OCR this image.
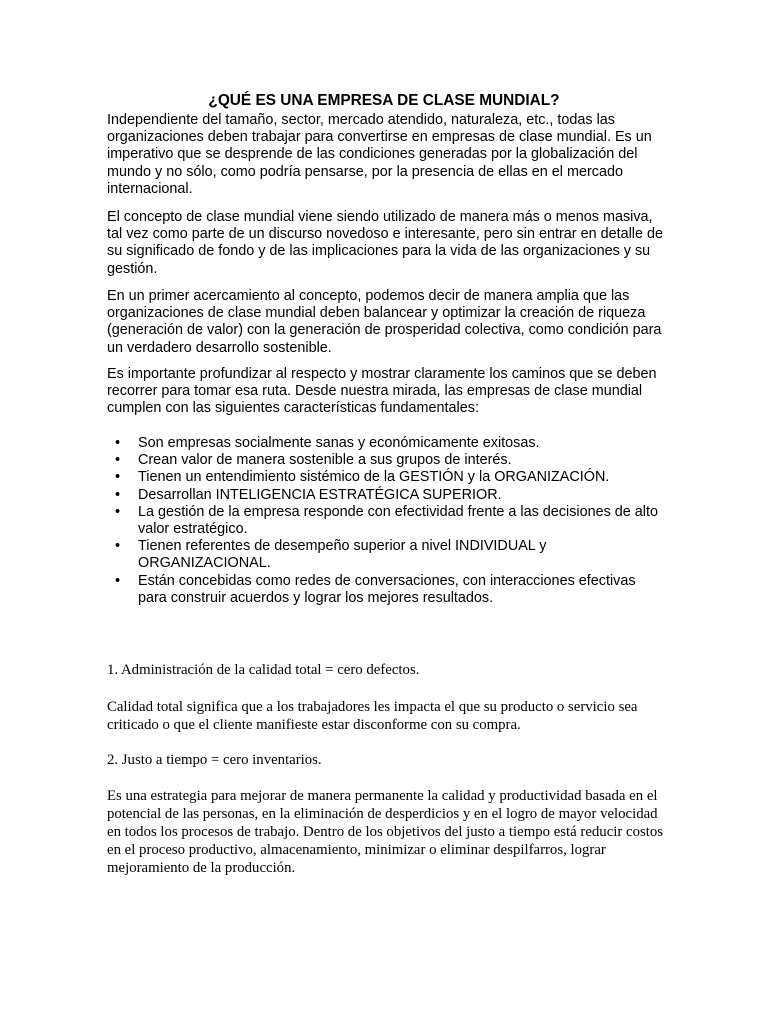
¿QUÉ ES UNA EMPRESA DE CLASE MUNDIAL?

Independiente del tamaño, sector, mercado atendido, naturaleza, etc., todas las organizaciones deben trabajar para convertirse en empresas de clase mundial. Es un imperativo que se desprende de las condiciones generadas por la globalización del mundo y no sólo, como podría pensarse, por la presencia de ellas en el mercado internacional.

El concepto de clase mundial viene siendo utilizado de manera más o menos masiva, tal vez como parte de un discurso novedoso e interesante, pero sin entrar en detalle de su significado de fondo y de las implicaciones para la vida de las organizaciones y su gestión.

En un primer acercamiento al concepto, podemos decir de manera amplia que las organizaciones de clase mundial deben balancear y optimizar la creación de riqueza (generación de valor) con la generación de prosperidad colectiva, como condición para un verdadero desarrollo sostenible.

Es importante profundizar al respecto y mostrar claramente los caminos que se deben recorrer para tomar esa ruta. Desde nuestra mirada, las empresas de clase mundial cumplen con las siguientes características fundamentales:

• Son empresas socialmente sanas y económicamente exitosas.
• Crean valor de manera sostenible a sus grupos de interés.
• Tienen un entendimiento sistémico de la GESTIÓN y la ORGANIZACIÓN.
• Desarrollan INTELIGENCIA ESTRATÉGICA SUPERIOR.
• La gestión de la empresa responde con efectividad frente a las decisiones de alto valor estratégico.
• Tienen referentes de desempeño superior a nivel INDIVIDUAL y ORGANIZACIONAL.
• Están concebidas como redes de conversaciones, con interacciones efectivas para construir acuerdos y lograr los mejores resultados.

1. Administración de la calidad total = cero defectos.

Calidad total significa que a los trabajadores les impacta el que su producto o servicio sea criticado o que el cliente manifieste estar disconforme con su compra.

2. Justo a tiempo = cero inventarios.

Es una estrategia para mejorar de manera permanente la calidad y productividad basada en el potencial de las personas, en la eliminación de desperdicios y en el logro de mayor velocidad en todos los procesos de trabajo. Dentro de los objetivos del justo a tiempo está reducir costos en el proceso productivo, almacenamiento, minimizar o eliminar despilfarros, lograr mejoramiento de la producción.
